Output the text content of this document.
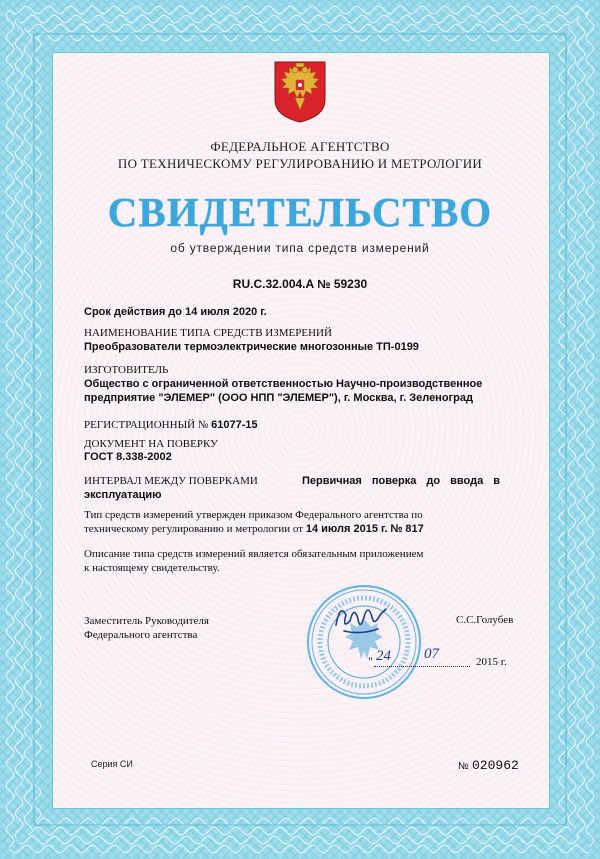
ФЕДЕРАЛЬНОЕ АГЕНТСТВО
ПО ТЕХНИЧЕСКОМУ РЕГУЛИРОВАНИЮ И МЕТРОЛОГИИ
СВИДЕТЕЛЬСТВО
об утверждении типа средств измерений
RU.C.32.004.A № 59230
Срок действия до 14 июля 2020 г.
НАИМЕНОВАНИЕ ТИПА СРЕДСТВ ИЗМЕРЕНИЙ
Преобразователи термоэлектрические многозонные ТП-0199
ИЗГОТОВИТЕЛЬ
Общество с ограниченной ответственностью Научно-производственное
предприятие "ЭЛЕМЕР" (ООО НПП "ЭЛЕМЕР"), г. Москва, г. Зеленоград
РЕГИСТРАЦИОННЫЙ № 61077-15
ДОКУМЕНТ НА ПОВЕРКУ
ГОСТ 8.338-2002
ИНТЕРВАЛ МЕЖДУ ПОВЕРКАМИ	Первичная поверка до ввода в
эксплуатацию
Тип средств измерений утвержден приказом Федерального агентства по
техническому регулированию и метрологии от 14 июля 2015 г. № 817
Описание типа средств измерений является обязательным приложением
к настоящему свидетельству.
Заместитель Руководителя
Федерального агентства
С.С.Голубев
" 24 07	2015 г.
Серия СИ	№ 020962
